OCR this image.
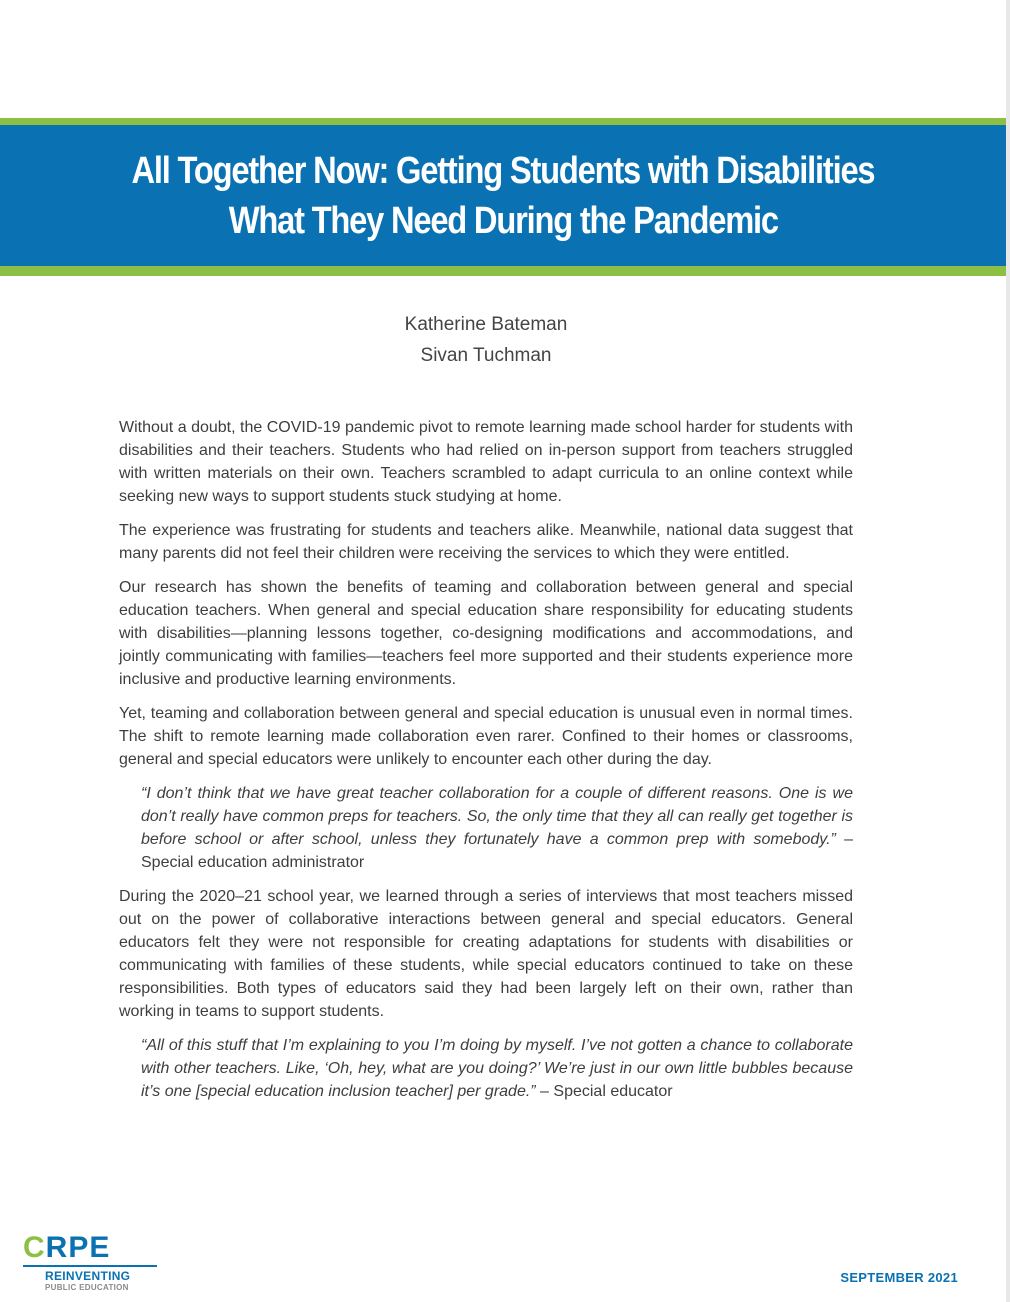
All Together Now: Getting Students with Disabilities
What They Need During the Pandemic
Katherine Bateman
Sivan Tuchman

Without a doubt, the COVID-19 pandemic pivot to remote learning made school harder for students with disabilities and their teachers. Students who had relied on in-person support from teachers struggled with written materials on their own. Teachers scrambled to adapt curricula to an online context while seeking new ways to support students stuck studying at home.

The experience was frustrating for students and teachers alike. Meanwhile, national data suggest that many parents did not feel their children were receiving the services to which they were entitled.

Our research has shown the benefits of teaming and collaboration between general and special education teachers. When general and special education share responsibility for educating students with disabilities—planning lessons together, co-designing modifications and accommodations, and jointly communicating with families—teachers feel more supported and their students experience more inclusive and productive learning environments.

Yet, teaming and collaboration between general and special education is unusual even in normal times. The shift to remote learning made collaboration even rarer. Confined to their homes or classrooms, general and special educators were unlikely to encounter each other during the day.

“I don’t think that we have great teacher collaboration for a couple of different reasons. One is we don’t really have common preps for teachers. So, the only time that they all can really get together is before school or after school, unless they fortunately have a common prep with somebody.” – Special education administrator

During the 2020–21 school year, we learned through a series of interviews that most teachers missed out on the power of collaborative interactions between general and special educators. General educators felt they were not responsible for creating adaptations for students with disabilities or communicating with families of these students, while special educators continued to take on these responsibilities. Both types of educators said they had been largely left on their own, rather than working in teams to support students.

“All of this stuff that I’m explaining to you I’m doing by myself. I’ve not gotten a chance to collaborate with other teachers. Like, ‘Oh, hey, what are you doing?’ We’re just in our own little bubbles because it’s one [special education inclusion teacher] per grade.” – Special educator

CRPE
REINVENTING
PUBLIC EDUCATION
SEPTEMBER 2021
